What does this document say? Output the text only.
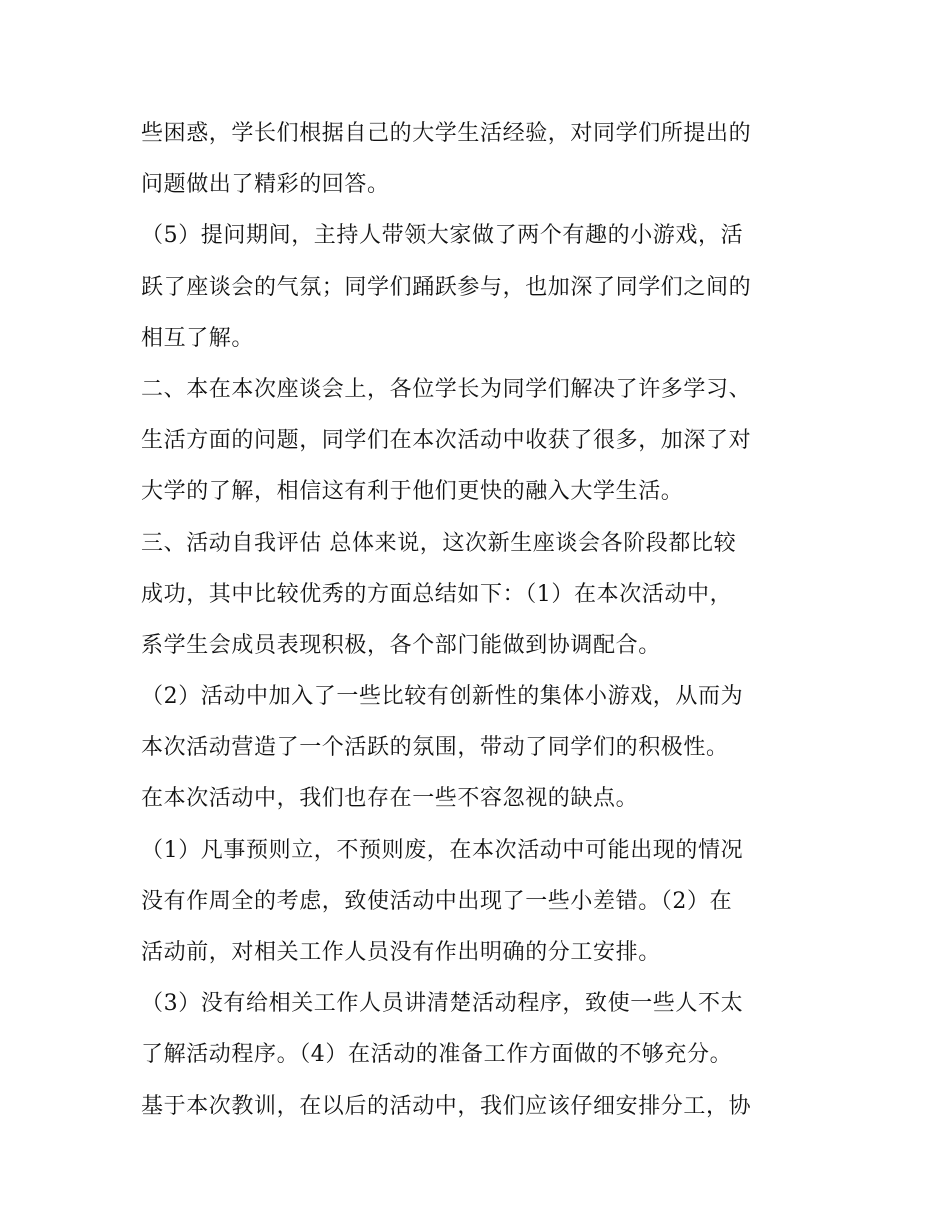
些困惑，学长们根据自己的大学生活经验，对同学们所提出的
问题做出了精彩的回答。
（5）提问期间，主持人带领大家做了两个有趣的小游戏，活
跃了座谈会的气氛；同学们踊跃参与，也加深了同学们之间的
相互了解。
二、本在本次座谈会上，各位学长为同学们解决了许多学习、
生活方面的问题，同学们在本次活动中收获了很多，加深了对
大学的了解，相信这有利于他们更快的融入大学生活。
三、活动自我评估 总体来说，这次新生座谈会各阶段都比较
成功，其中比较优秀的方面总结如下：（1）在本次活动中，
系学生会成员表现积极，各个部门能做到协调配合。
（2）活动中加入了一些比较有创新性的集体小游戏，从而为
本次活动营造了一个活跃的氛围，带动了同学们的积极性。
在本次活动中，我们也存在一些不容忽视的缺点。
（1）凡事预则立，不预则废，在本次活动中可能出现的情况
没有作周全的考虑，致使活动中出现了一些小差错。（2）在
活动前，对相关工作人员没有作出明确的分工安排。
（3）没有给相关工作人员讲清楚活动程序，致使一些人不太
了解活动程序。（4）在活动的准备工作方面做的不够充分。
基于本次教训，在以后的活动中，我们应该仔细安排分工，协
